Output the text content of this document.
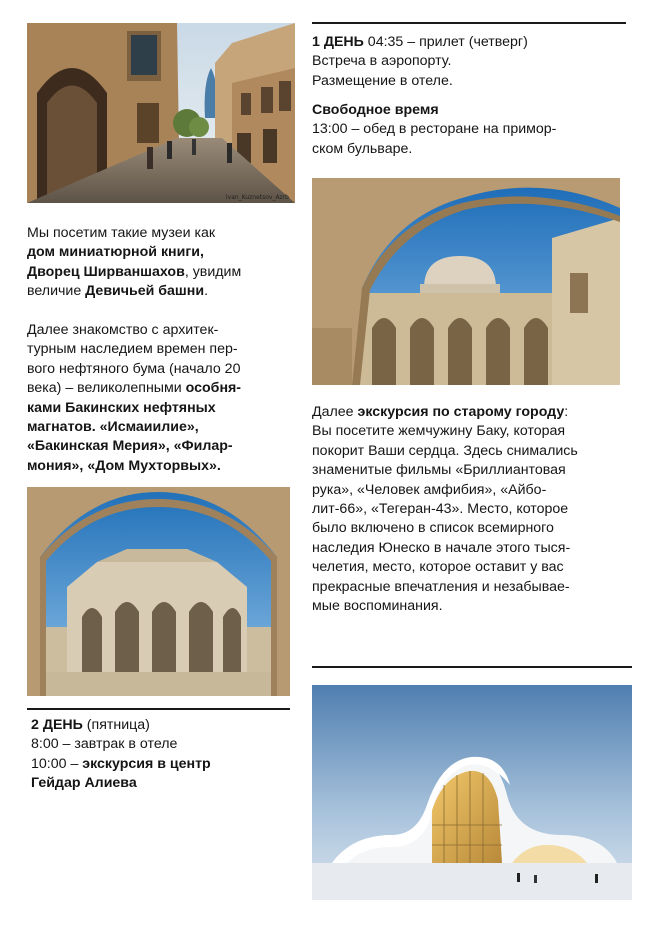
Ivan_Kuznetsov_Azrb
Мы посетим такие музеи как
дом миниатюрной книги,
Дворец Ширваншахов, увидим
величие Девичьей башни.
Далее знакомство с архитек-
турным наследием времен пер-
вого нефтяного бума (начало 20
века) – великолепными особня-
ками Бакинских нефтяных
магнатов. «Исмаиилие»,
«Бакинская Мерия», «Филар-
мония», «Дом Мухторвых».
2 ДЕНЬ (пятница)
8:00 – завтрак в отеле
10:00 – экскурсия в центр
Гейдар Алиева
1 ДЕНЬ 04:35 – прилет (четверг)
Встреча в аэропорту.
Размещение в отеле.
Свободное время
13:00 – обед в ресторане на примор-
ском бульваре.
Далее экскурсия по старому городу:
Вы посетите жемчужину Баку, которая
покорит Ваши сердца. Здесь снимались
знаменитые фильмы «Бриллиантовая
рука», «Человек амфибия», «Айбо-
лит-66», «Тегеран-43». Место, которое
было включено в список всемирного
наследия Юнеско в начале этого тыся-
челетия, место, которое оставит у вас
прекрасные впечатления и незабывае-
мые воспоминания.
